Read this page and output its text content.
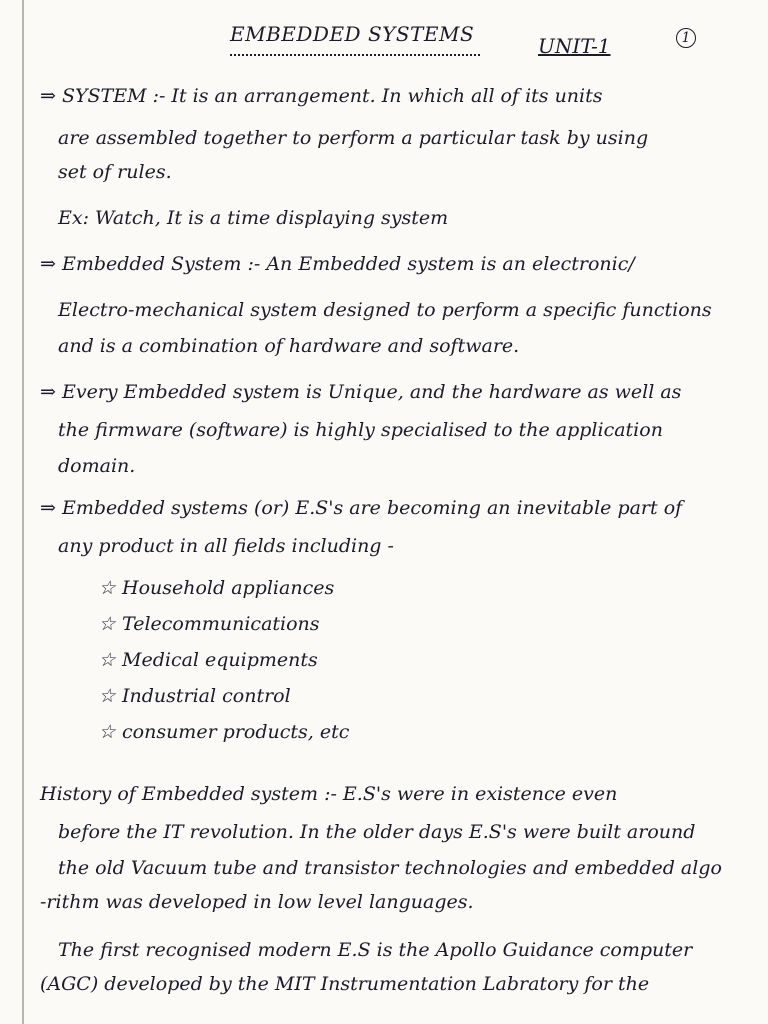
EMBEDDED SYSTEMS	UNIT-1	1
⇒ SYSTEM :- It is an arrangement. In which all of its units
are assembled together to perform a particular task by using
set of rules.
Ex: Watch, It is a time displaying system
⇒ Embedded System :- An Embedded system is an electronic/
Electro-mechanical system designed to perform a specific functions
and is a combination of hardware and software.
⇒ Every Embedded system is Unique, and the hardware as well as
the firmware (software) is highly specialised to the application
domain.
⇒ Embedded systems (or) E.S's are becoming an inevitable part of
any product in all fields including -
☆ Household appliances
☆ Telecommunications
☆ Medical equipments
☆ Industrial control
☆ consumer products, etc
History of Embedded system :- E.S's were in existence even
before the IT revolution. In the older days E.S's were built around
the old Vacuum tube and transistor technologies and embedded algo
-rithm was developed in low level languages.
The first recognised modern E.S is the Apollo Guidance computer
(AGC) developed by the MIT Instrumentation Labratory for the
